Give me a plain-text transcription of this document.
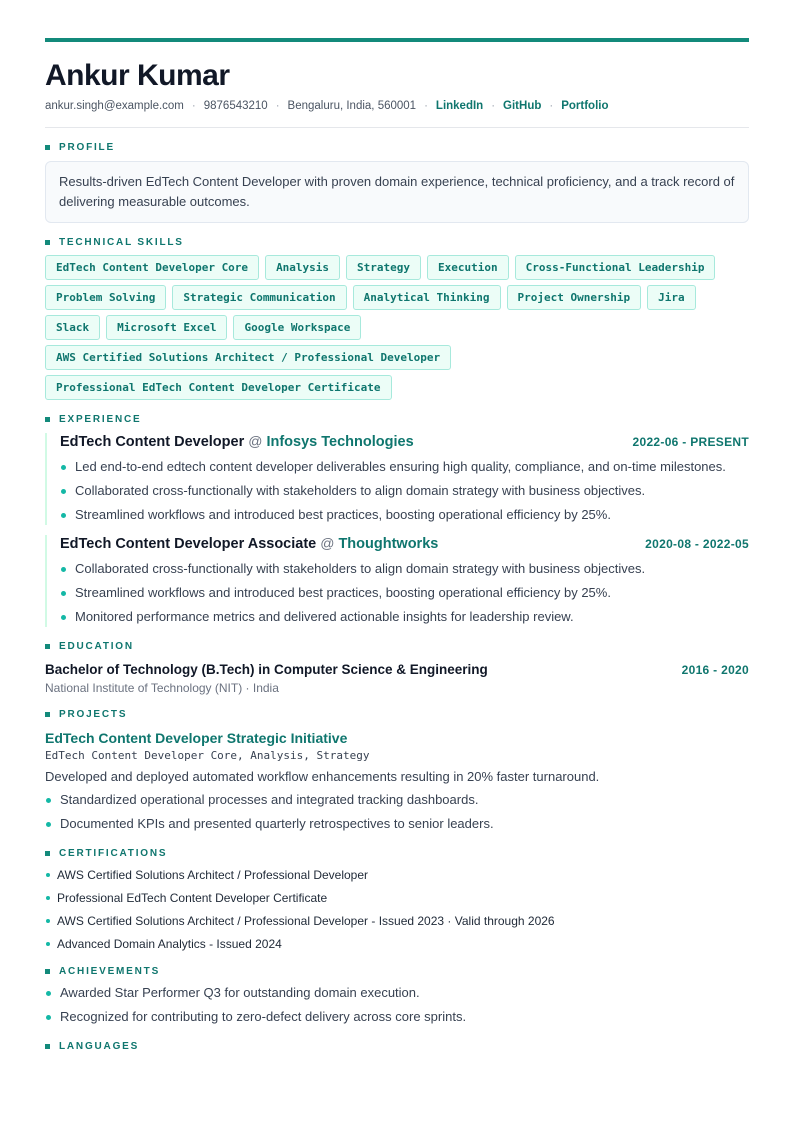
Ankur Kumar
ankur.singh@example.com · 9876543210 · Bengaluru, India, 560001 · LinkedIn · GitHub · Portfolio
PROFILE
Results-driven EdTech Content Developer with proven domain experience, technical proficiency, and a track record of delivering measurable outcomes.
TECHNICAL SKILLS
EdTech Content Developer Core	Analysis	Strategy	Execution	Cross-Functional Leadership
Problem Solving	Strategic Communication	Analytical Thinking	Project Ownership	Jira
Slack	Microsoft Excel	Google Workspace
AWS Certified Solutions Architect / Professional Developer
Professional EdTech Content Developer Certificate
EXPERIENCE
EdTech Content Developer @ Infosys Technologies	2022-06 - PRESENT
Led end-to-end edtech content developer deliverables ensuring high quality, compliance, and on-time milestones.
Collaborated cross-functionally with stakeholders to align domain strategy with business objectives.
Streamlined workflows and introduced best practices, boosting operational efficiency by 25%.
EdTech Content Developer Associate @ Thoughtworks	2020-08 - 2022-05
Collaborated cross-functionally with stakeholders to align domain strategy with business objectives.
Streamlined workflows and introduced best practices, boosting operational efficiency by 25%.
Monitored performance metrics and delivered actionable insights for leadership review.
EDUCATION
Bachelor of Technology (B.Tech) in Computer Science & Engineering	2016 - 2020
National Institute of Technology (NIT) · India
PROJECTS
EdTech Content Developer Strategic Initiative
EdTech Content Developer Core, Analysis, Strategy
Developed and deployed automated workflow enhancements resulting in 20% faster turnaround.
Standardized operational processes and integrated tracking dashboards.
Documented KPIs and presented quarterly retrospectives to senior leaders.
CERTIFICATIONS
AWS Certified Solutions Architect / Professional Developer
Professional EdTech Content Developer Certificate
AWS Certified Solutions Architect / Professional Developer - Issued 2023 · Valid through 2026
Advanced Domain Analytics - Issued 2024
ACHIEVEMENTS
Awarded Star Performer Q3 for outstanding domain execution.
Recognized for contributing to zero-defect delivery across core sprints.
LANGUAGES
